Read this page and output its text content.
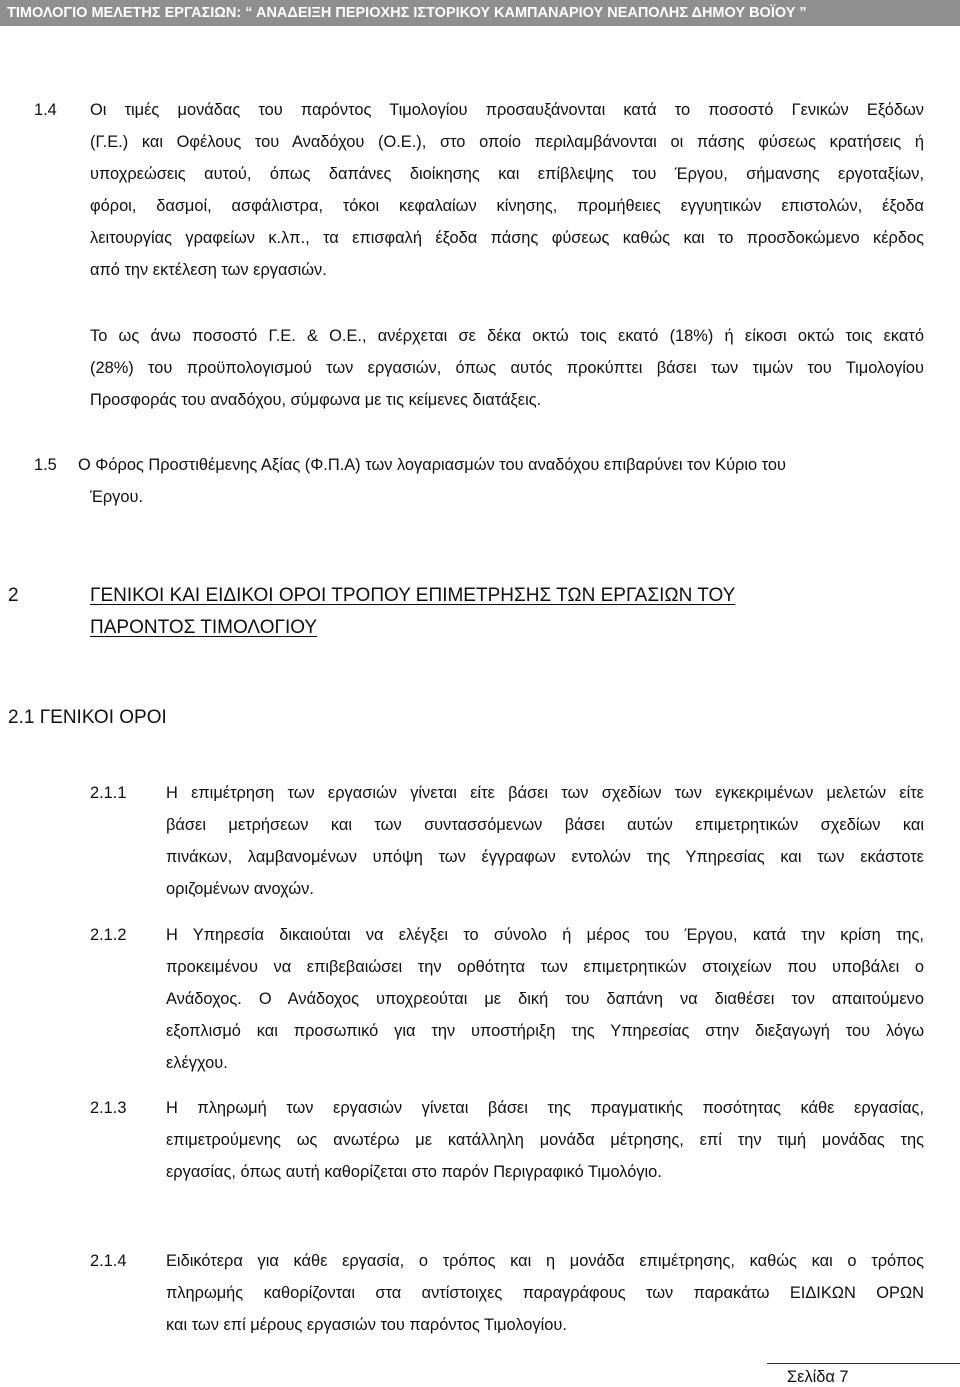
ΤΙΜΟΛΟΓΙΟ ΜΕΛΕΤΗΣ ΕΡΓΑΣΙΩΝ: “ ΑΝΑΔΕΙΞΗ ΠΕΡΙΟΧΗΣ ΙΣΤΟΡΙΚΟΥ ΚΑΜΠΑΝΑΡΙΟΥ ΝΕΑΠΟΛΗΣ ΔΗΜΟΥ ΒΟΪΟΥ ”
1.4 Οι τιμές μονάδας του παρόντος Τιμολογίου προσαυξάνονται κατά το ποσοστό Γενικών Εξόδων
(Γ.Ε.) και Οφέλους του Αναδόχου (Ο.Ε.), στο οποίο περιλαμβάνονται οι πάσης φύσεως κρατήσεις ή
υποχρεώσεις αυτού, όπως δαπάνες διοίκησης και επίβλεψης του Έργου, σήμανσης εργοταξίων,
φόροι, δασμοί, ασφάλιστρα, τόκοι κεφαλαίων κίνησης, προμήθειες εγγυητικών επιστολών, έξοδα
λειτουργίας γραφείων κ.λπ., τα επισφαλή έξοδα πάσης φύσεως καθώς και το προσδοκώμενο κέρδος
από την εκτέλεση των εργασιών.
Το ως άνω ποσοστό Γ.Ε. & Ο.Ε., ανέρχεται σε δέκα οκτώ τοις εκατό (18%) ή είκοσι οκτώ τοις εκατό
(28%) του προϋπολογισμού των εργασιών, όπως αυτός προκύπτει βάσει των τιμών του Τιμολογίου
Προσφοράς του αναδόχου, σύμφωνα με τις κείμενες διατάξεις.
1.5 Ο Φόρος Προστιθέμενης Αξίας (Φ.Π.Α) των λογαριασμών του αναδόχου επιβαρύνει τον Κύριο του
Έργου.
2	ΓΕΝΙΚΟΙ ΚΑΙ ΕΙΔΙΚΟΙ ΟΡΟΙ ΤΡΟΠΟΥ ΕΠΙΜΕΤΡΗΣΗΣ ΤΩΝ ΕΡΓΑΣΙΩΝ ΤΟΥ
ΠΑΡΟΝΤΟΣ ΤΙΜΟΛΟΓΙΟΥ
2.1 ΓΕΝΙΚΟΙ ΟΡΟΙ
2.1.1 Η επιμέτρηση των εργασιών γίνεται είτε βάσει των σχεδίων των εγκεκριμένων μελετών είτε
βάσει μετρήσεων και των συντασσόμενων βάσει αυτών επιμετρητικών σχεδίων και
πινάκων, λαμβανομένων υπόψη των έγγραφων εντολών της Υπηρεσίας και των εκάστοτε
οριζομένων ανοχών.
2.1.2 Η Υπηρεσία δικαιούται να ελέγξει το σύνολο ή μέρος του Έργου, κατά την κρίση της,
προκειμένου να επιβεβαιώσει την ορθότητα των επιμετρητικών στοιχείων που υποβάλει ο
Ανάδοχος. Ο Ανάδοχος υποχρεούται με δική του δαπάνη να διαθέσει τον απαιτούμενο
εξοπλισμό και προσωπικό για την υποστήριξη της Υπηρεσίας στην διεξαγωγή του λόγω
ελέγχου.
2.1.3 Η πληρωμή των εργασιών γίνεται βάσει της πραγματικής ποσότητας κάθε εργασίας,
επιμετρούμενης ως ανωτέρω με κατάλληλη μονάδα μέτρησης, επί την τιμή μονάδας της
εργασίας, όπως αυτή καθορίζεται στο παρόν Περιγραφικό Τιμολόγιο.
2.1.4 Ειδικότερα για κάθε εργασία, ο τρόπος και η μονάδα επιμέτρησης, καθώς και ο τρόπος
πληρωμής καθορίζονται στα αντίστοιχες παραγράφους των παρακάτω ΕΙΔΙΚΩΝ ΟΡΩΝ
και των επί μέρους εργασιών του παρόντος Τιμολογίου.
Σελίδα 7
